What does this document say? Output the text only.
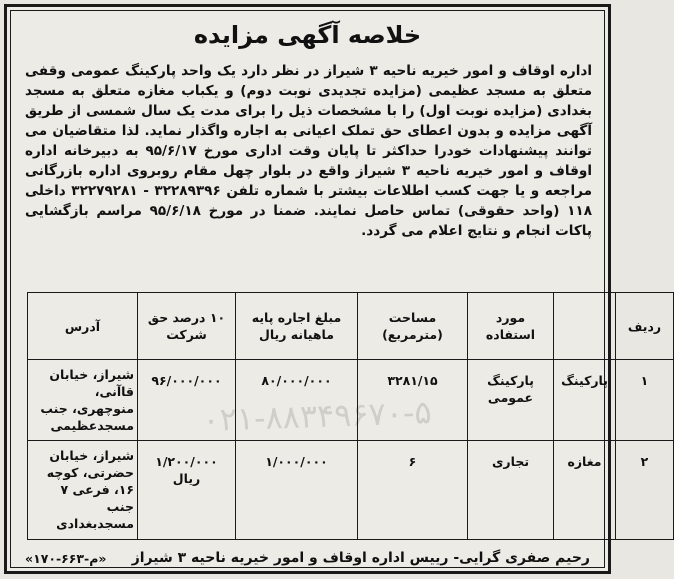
خلاصه آگهی مزایده
اداره اوقاف و امور خیریه ناحیه ۳ شیراز در نظر دارد یک واحد پارکینگ عمومی وقفی متعلق به مسجد عظیمی (مزایده تجدیدی نوبت دوم) و یکباب مغازه متعلق به مسجد بغدادی (مزایده نوبت اول) را با مشخصات ذیل را برای مدت یک سال شمسی از طریق آگهی مزایده و بدون اعطای حق تملک اعیانی به اجاره واگذار نماید. لذا متقاضیان می توانند پیشنهادات خودرا حداکثر تا پایان وقت اداری مورخ ۹۵/۶/۱۷ به دبیرخانه اداره اوقاف و امور خیریه ناحیه ۳ شیراز واقع در بلوار چهل مقام روبروی اداره بازرگانی مراجعه و یا جهت کسب اطلاعات بیشتر با شماره تلفن ۳۲۲۸۹۳۹۶ - ۳۲۲۷۹۲۸۱ داخلی ۱۱۸ (واحد حقوقی) تماس حاصل نمایند. ضمنا در مورخ ۹۵/۶/۱۸ مراسم بازگشایی پاکات انجام و نتایج اعلام می گردد.
۰۲۱-۸۸۳۴۹۶۷۰-۵
ردیف		مورد استفاده	مساحت (مترمربع)	مبلغ اجاره پایه ماهیانه ریال	۱۰ درصد حق شرکت	آدرس
۱	پارکینگ	پارکینگ عمومی	۳۲۸۱/۱۵	۸۰/۰۰۰/۰۰۰	۹۶/۰۰۰/۰۰۰	شیراز، خیابان قاآنی، منوچهری، جنب مسجدعظیمی
۲	مغازه	تجاری	۶	۱/۰۰۰/۰۰۰	۱/۲۰۰/۰۰۰ ریال	شیراز، خیابان حضرتی، کوچه ۱۶، فرعی ۷ جنب مسجدبغدادی
رحیم صفری گرایی- رییس اداره اوقاف و امور خیریه ناحیه ۳ شیراز
«۱۷۰-۶۶۳-م»
